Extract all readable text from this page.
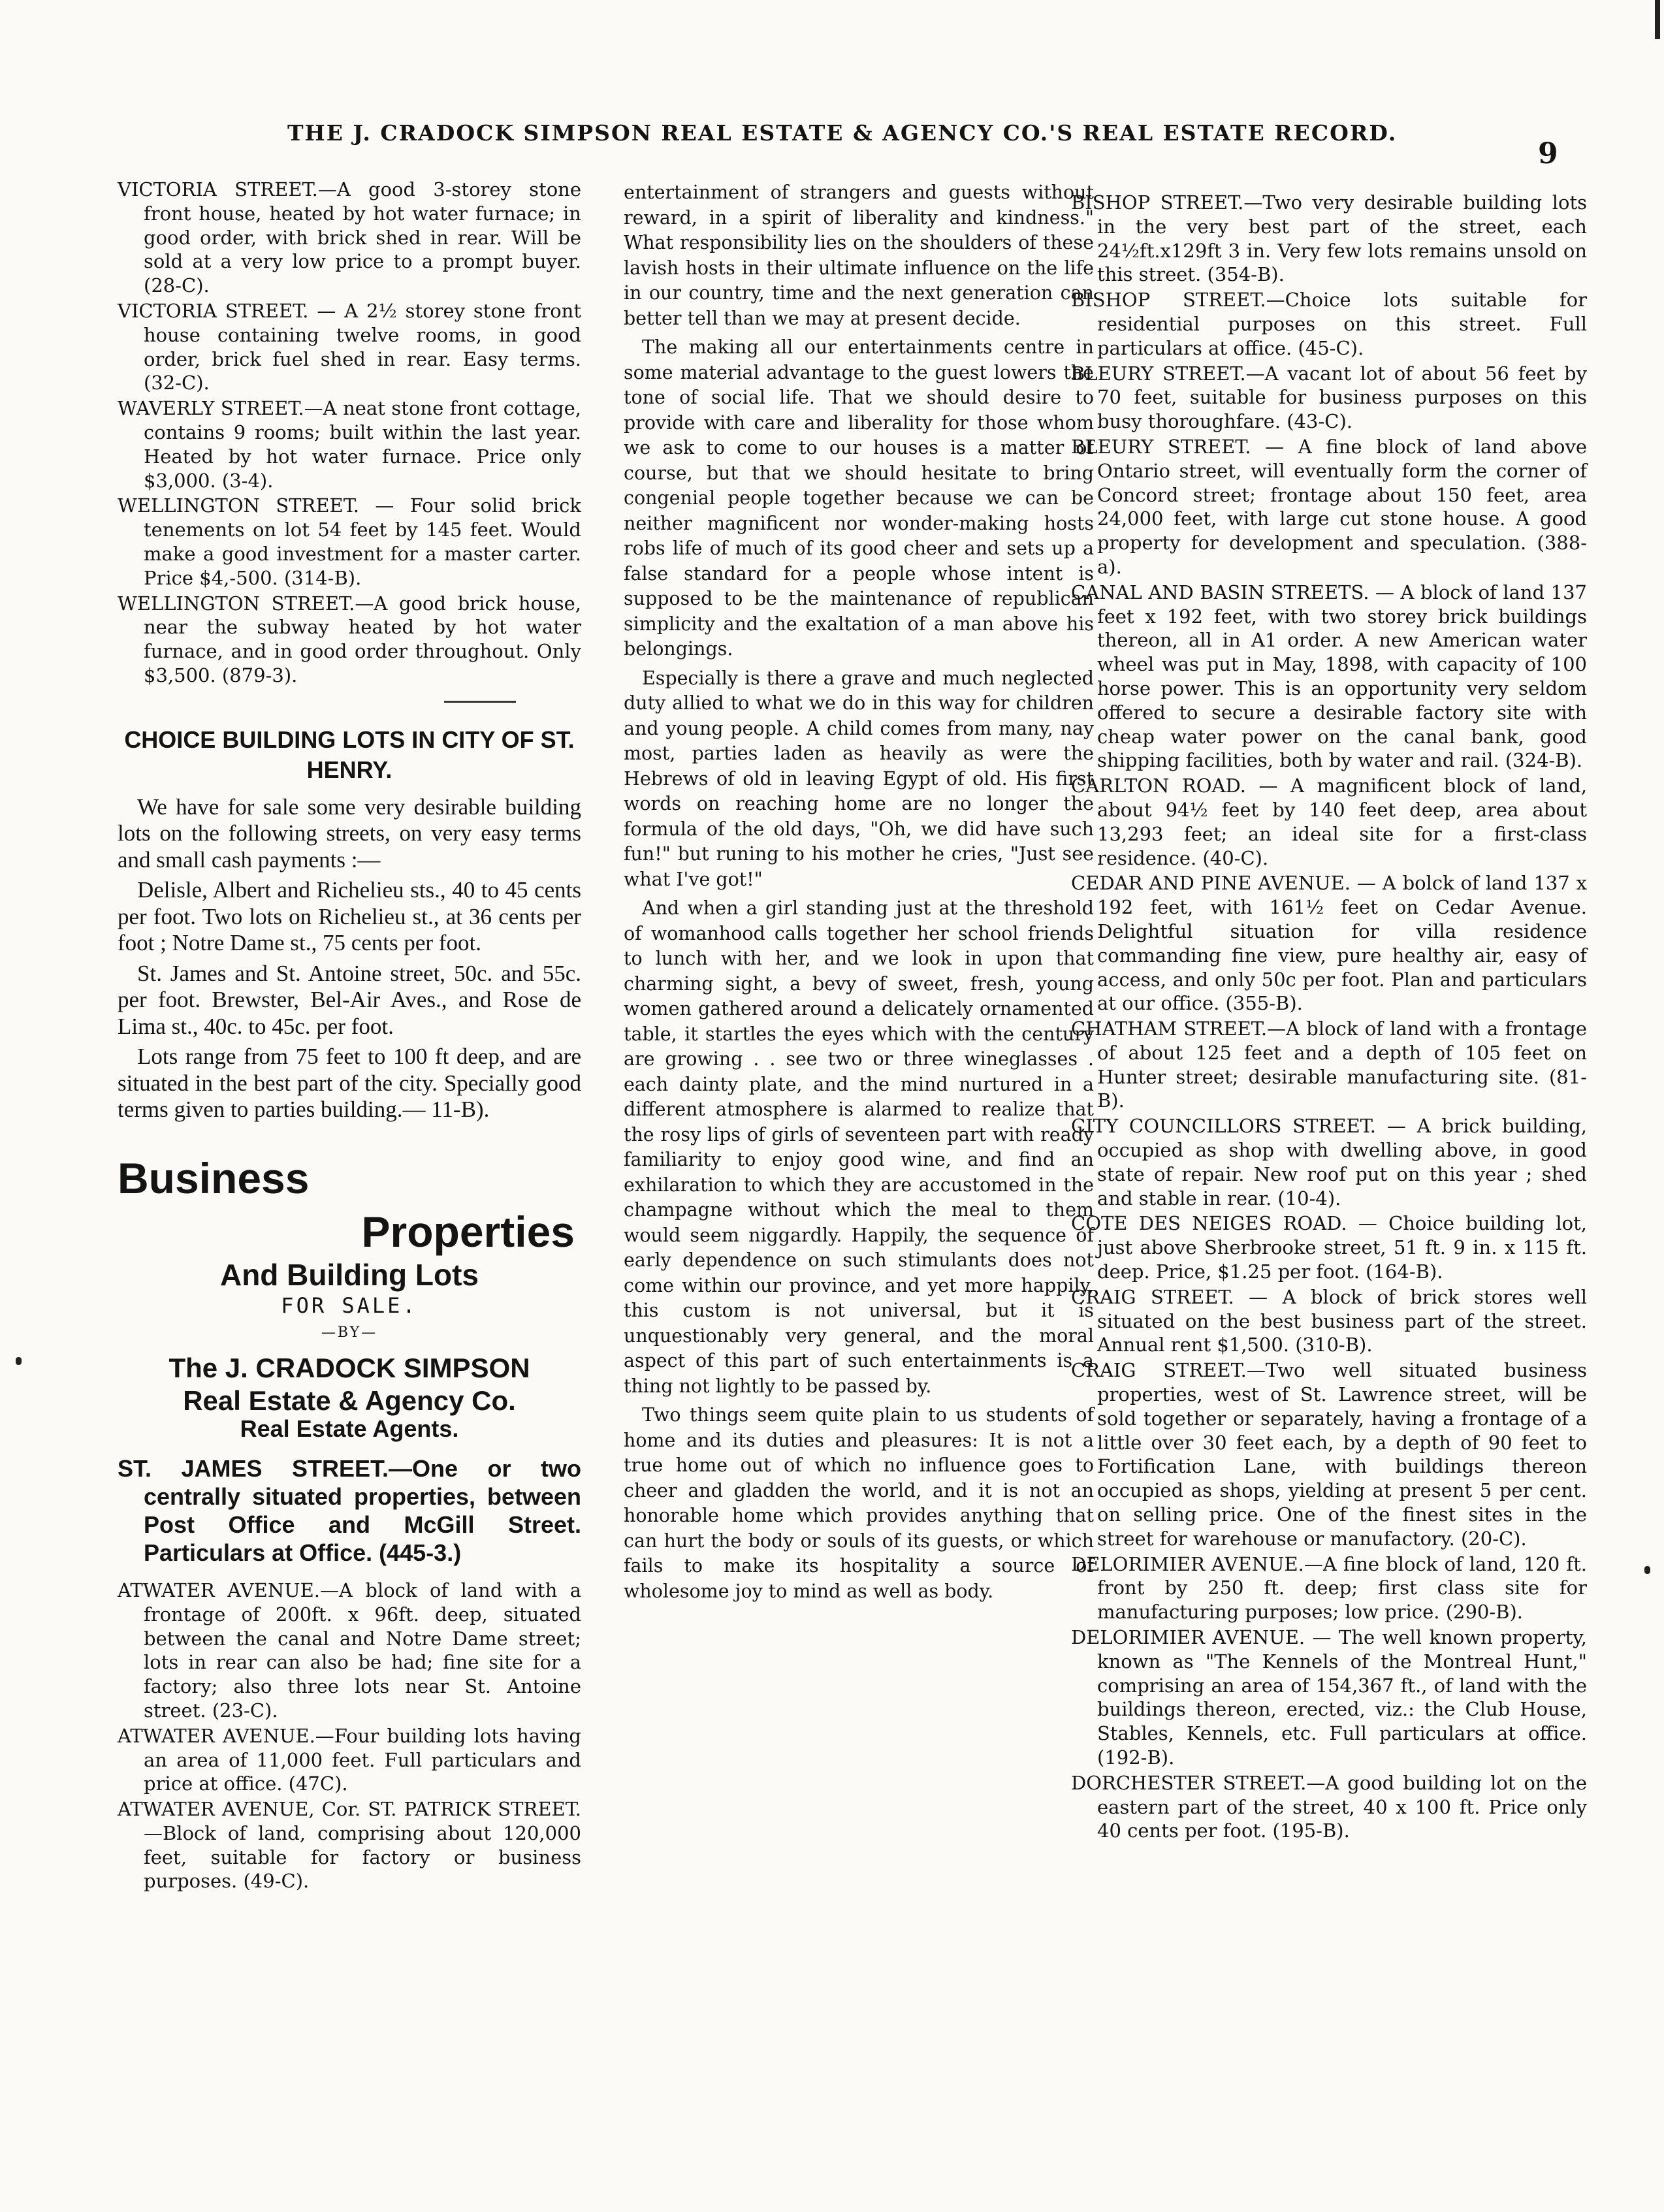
THE J. CRADOCK SIMPSON REAL ESTATE & AGENCY CO.'S REAL ESTATE RECORD.
9

VICTORIA STREET.—A good 3-storey stone front house, heated by hot water furnace; in good order, with brick shed in rear. Will be sold at a very low price to a prompt buyer. (28-C).

VICTORIA STREET. — A 2½ storey stone front house containing twelve rooms, in good order, brick fuel shed in rear. Easy terms. (32-C).

WAVERLY STREET.—A neat stone front cottage, contains 9 rooms; built within the last year. Heated by hot water furnace. Price only $3,000. (3-4).

WELLINGTON STREET. — Four solid brick tenements on lot 54 feet by 145 feet. Would make a good investment for a master carter. Price $4,-500. (314-B).

WELLINGTON STREET.—A good brick house, near the subway heated by hot water furnace, and in good order throughout. Only $3,500. (879-3).

CHOICE BUILDING LOTS IN CITY OF ST. HENRY.

We have for sale some very desirable building lots on the following streets, on very easy terms and small cash payments :—

Delisle, Albert and Richelieu sts., 40 to 45 cents per foot. Two lots on Richelieu st., at 36 cents per foot ; Notre Dame st., 75 cents per foot.

St. James and St. Antoine street, 50c. and 55c. per foot. Brewster, Bel-Air Aves., and Rose de Lima st., 40c. to 45c. per foot.

Lots range from 75 feet to 100 ft deep, and are situated in the best part of the city. Specially good terms given to parties building.— 11-B).

Business
Properties
And Building Lots
FOR SALE.
—BY—
The J. CRADOCK SIMPSON
Real Estate & Agency Co.
Real Estate Agents.

ST. JAMES STREET.—One or two centrally situated properties, between Post Office and McGill Street. Particulars at Office. (445-3.)

ATWATER AVENUE.—A block of land with a frontage of 200ft. x 96ft. deep, situated between the canal and Notre Dame street; lots in rear can also be had; fine site for a factory; also three lots near St. Antoine street. (23-C).

ATWATER AVENUE.—Four building lots having an area of 11,000 feet. Full particulars and price at office. (47C).

ATWATER AVENUE, Cor. ST. PATRICK STREET.—Block of land, comprising about 120,000 feet, suitable for factory or business purposes. (49-C).

entertainment of strangers and guests without reward, in a spirit of liberality and kindness." What responsibility lies on the shoulders of these lavish hosts in their ultimate influence on the life in our country, time and the next generation can better tell than we may at present decide.

The making all our entertainments centre in some material advantage to the guest lowers the tone of social life. That we should desire to provide with care and liberality for those whom we ask to come to our houses is a matter of course, but that we should hesitate to bring congenial people together because we can be neither magnificent nor wonder-making hosts robs life of much of its good cheer and sets up a false standard for a people whose intent is supposed to be the maintenance of republican simplicity and the exaltation of a man above his belongings.

Especially is there a grave and much neglected duty allied to what we do in this way for children and young people. A child comes from many, nay most, parties laden as heavily as were the Hebrews of old in leaving Egypt of old. His first words on reaching home are no longer the formula of the old days, "Oh, we did have such fun!" but runing to his mother he cries, "Just see what I've got!"

And when a girl standing just at the threshold of womanhood calls together her school friends to lunch with her, and we look in upon that charming sight, a bevy of sweet, fresh, young women gathered around a delicately ornamented table, it startles the eyes which with the century are growing . . see two or three wineglasses . each dainty plate, and the mind nurtured in a different atmosphere is alarmed to realize that the rosy lips of girls of seventeen part with ready familiarity to enjoy good wine, and find an exhilaration to which they are accustomed in the champagne without which the meal to them would seem niggardly. Happily, the sequence of early dependence on such stimulants does not come within our province, and yet more happily, this custom is not universal, but it is unquestionably very general, and the moral aspect of this part of such entertainments is a thing not lightly to be passed by.

Two things seem quite plain to us students of home and its duties and pleasures: It is not a true home out of which no influence goes to cheer and gladden the world, and it is not an honorable home which provides anything that can hurt the body or souls of its guests, or which fails to make its hospitality a source of wholesome joy to mind as well as body.

BISHOP STREET.—Two very desirable building lots in the very best part of the street, each 24½ft.x129ft 3 in. Very few lots remains unsold on this street. (354-B).

BISHOP STREET.—Choice lots suitable for residential purposes on this street. Full particulars at office. (45-C).

BLEURY STREET.—A vacant lot of about 56 feet by 70 feet, suitable for business purposes on this busy thoroughfare. (43-C).

BLEURY STREET. — A fine block of land above Ontario street, will eventually form the corner of Concord street; frontage about 150 feet, area 24,000 feet, with large cut stone house. A good property for development and speculation. (388-a).

CANAL AND BASIN STREETS. — A block of land 137 feet x 192 feet, with two storey brick buildings thereon, all in A1 order. A new American water wheel was put in May, 1898, with capacity of 100 horse power. This is an opportunity very seldom offered to secure a desirable factory site with cheap water power on the canal bank, good shipping facilities, both by water and rail. (324-B).

CARLTON ROAD. — A magnificent block of land, about 94½ feet by 140 feet deep, area about 13,293 feet; an ideal site for a first-class residence. (40-C).

CEDAR AND PINE AVENUE. — A bolck of land 137 x 192 feet, with 161½ feet on Cedar Avenue. Delightful situation for villa residence commanding fine view, pure healthy air, easy of access, and only 50c per foot. Plan and particulars at our office. (355-B).

CHATHAM STREET.—A block of land with a frontage of about 125 feet and a depth of 105 feet on Hunter street; desirable manufacturing site. (81-B).

CITY COUNCILLORS STREET. — A brick building, occupied as shop with dwelling above, in good state of repair. New roof put on this year ; shed and stable in rear. (10-4).

COTE DES NEIGES ROAD. — Choice building lot, just above Sherbrooke street, 51 ft. 9 in. x 115 ft. deep. Price, $1.25 per foot. (164-B).

CRAIG STREET. — A block of brick stores well situated on the best business part of the street. Annual rent $1,500. (310-B).

CRAIG STREET.—Two well situated business properties, west of St. Lawrence street, will be sold together or separately, having a frontage of a little over 30 feet each, by a depth of 90 feet to Fortification Lane, with buildings thereon occupied as shops, yielding at present 5 per cent. on selling price. One of the finest sites in the street for warehouse or manufactory. (20-C).

DELORIMIER AVENUE.—A fine block of land, 120 ft. front by 250 ft. deep; first class site for manufacturing purposes; low price. (290-B).

DELORIMIER AVENUE. — The well known property, known as "The Kennels of the Montreal Hunt," comprising an area of 154,367 ft., of land with the buildings thereon, erected, viz.: the Club House, Stables, Kennels, etc. Full particulars at office. (192-B).

DORCHESTER STREET.—A good building lot on the eastern part of the street, 40 x 100 ft. Price only 40 cents per foot. (195-B).
